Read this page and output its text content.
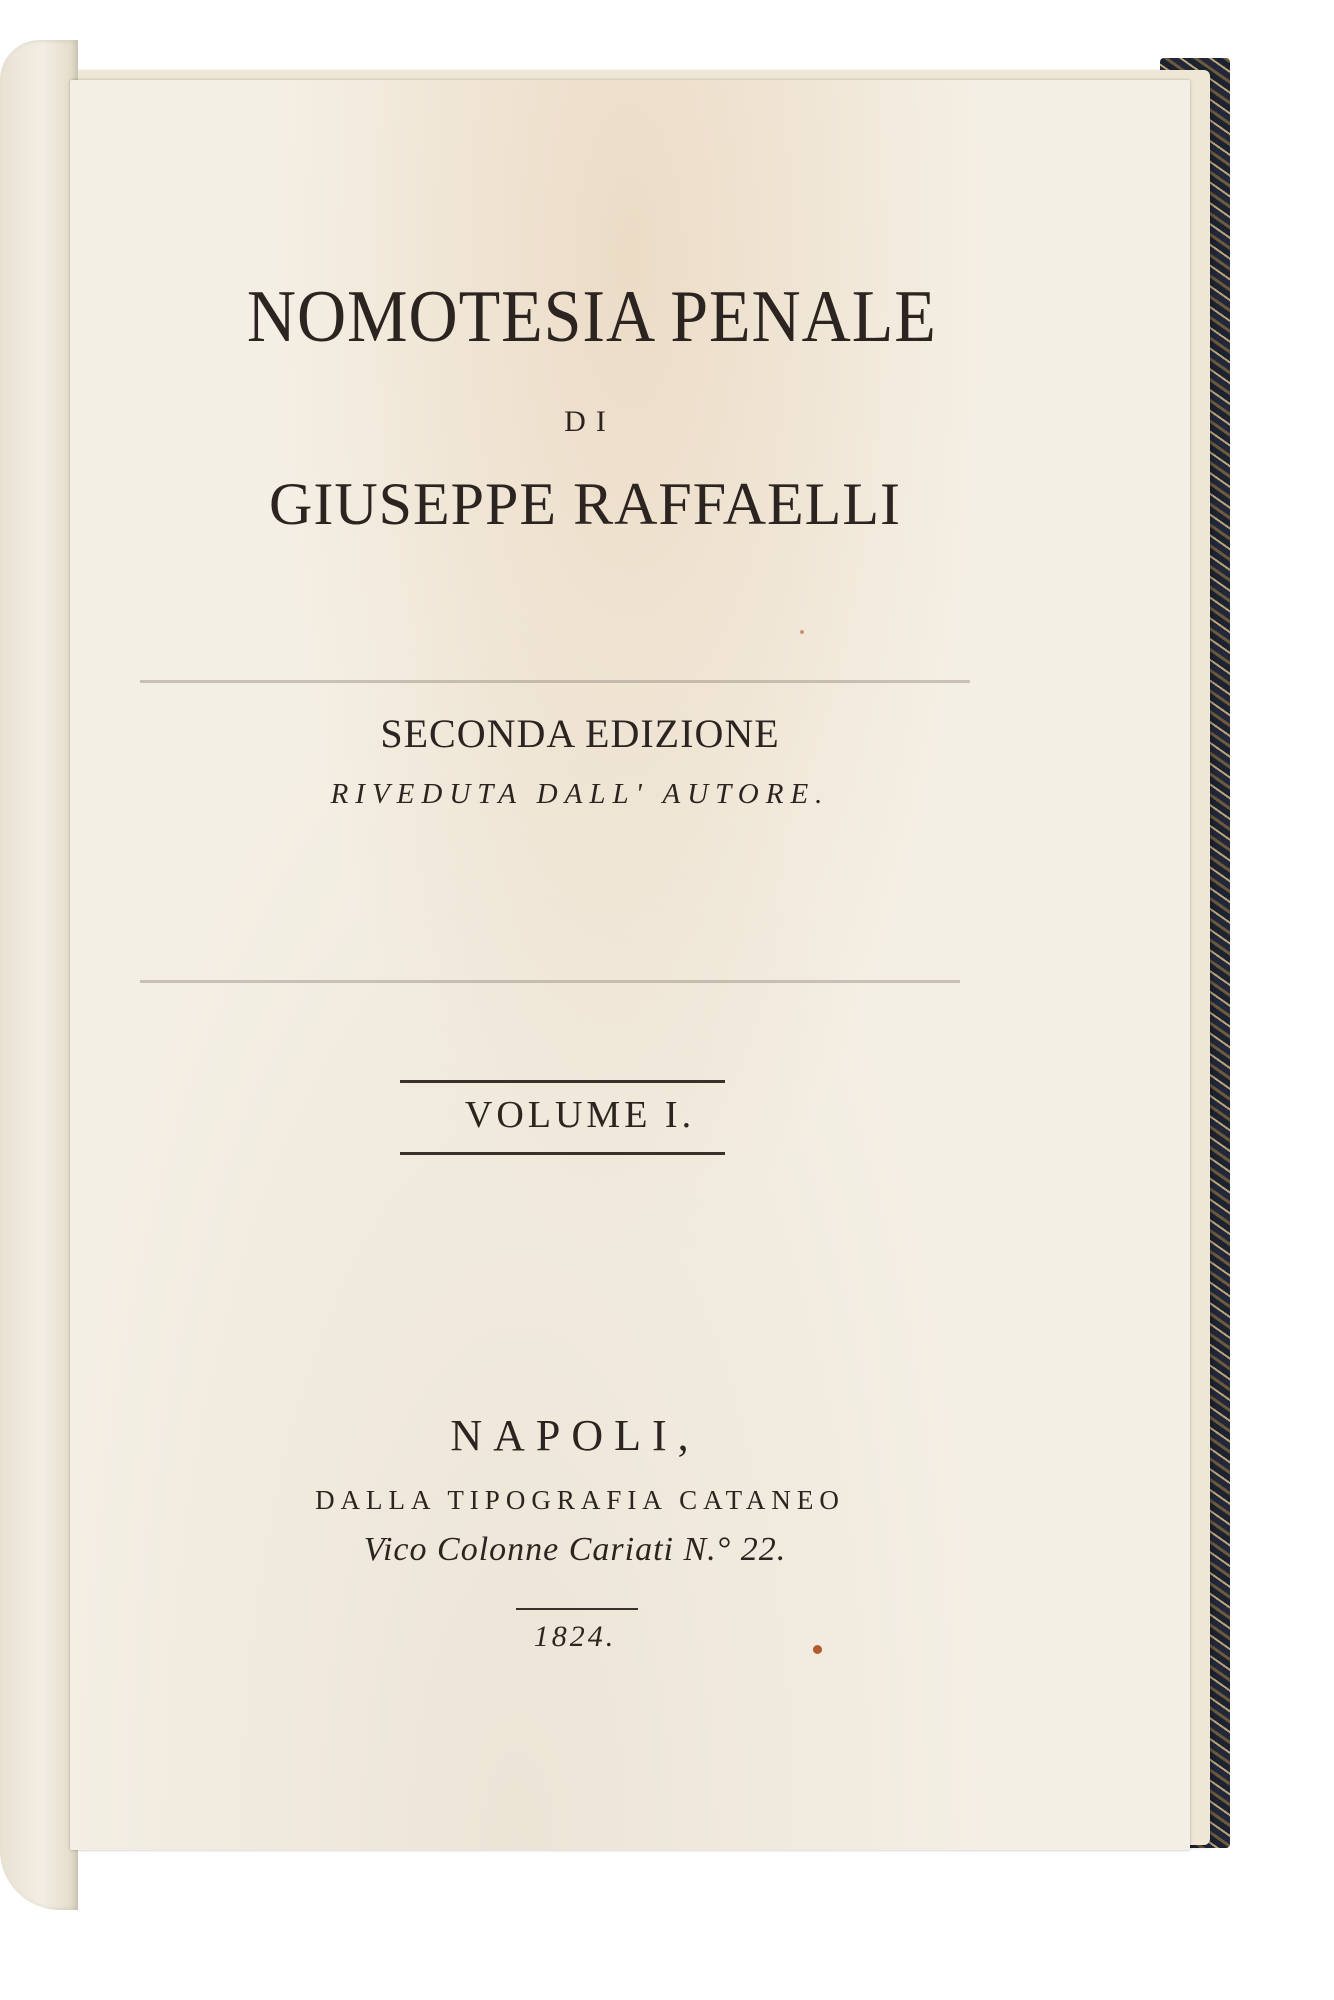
NOMOTESIA PENALE
DI
GIUSEPPE RAFFAELLI
SECONDA EDIZIONE
RIVEDUTA DALL' AUTORE.
VOLUME I.
NAPOLI,
DALLA TIPOGRAFIA CATANEO
Vico Colonne Cariati N.° 22.
1824.
